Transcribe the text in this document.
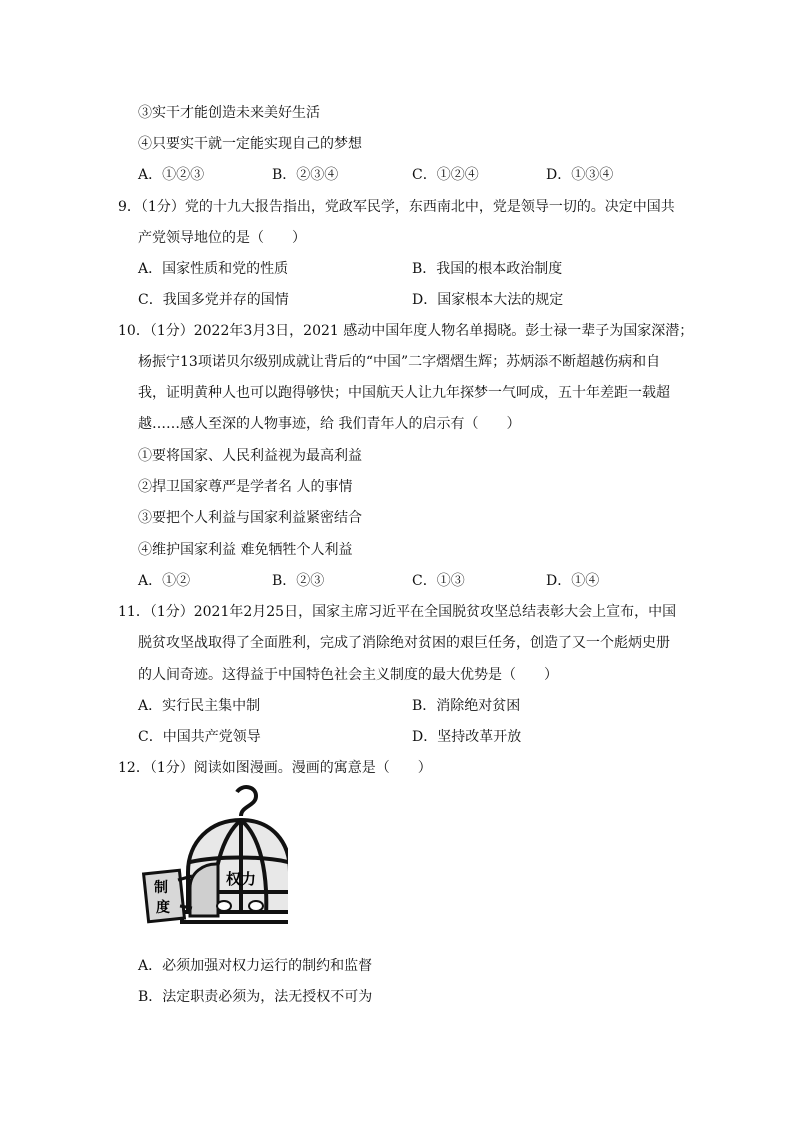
③实干才能创造未来美好生活
④只要实干就一定能实现自己的梦想
A．①②③	B．②③④	C．①②④	D．①③④
9．（1分）党的十九大报告指出，党政军民学，东西南北中，党是领导一切的。决定中国共
产党领导地位的是（　　）
A．国家性质和党的性质	B．我国的根本政治制度
C．我国多党并存的国情	D．国家根本大法的规定
10．（1分）2022年3月3日，2021 感动中国年度人物名单揭晓。彭士禄一辈子为国家深潜；
杨振宁13项诺贝尔级别成就让背后的“中国”二字熠熠生辉；苏炳添不断超越伤病和自
我，证明黄种人也可以跑得够快；中国航天人让九年探梦一气呵成，五十年差距一载超
越……感人至深的人物事迹，给 我们青年人的启示有（　　）
①要将国家、人民利益视为最高利益
②捍卫国家尊严是学者名 人的事情
③要把个人利益与国家利益紧密结合
④维护国家利益 难免牺牲个人利益
A．①②	B．②③	C．①③	D．①④
11．（1分）2021年2月25日，国家主席习近平在全国脱贫攻坚总结表彰大会上宣布，中国
脱贫攻坚战取得了全面胜利，完成了消除绝对贫困的艰巨任务，创造了又一个彪炳史册
的人间奇迹。这得益于中国特色社会主义制度的最大优势是（　　）
A．实行民主集中制	B．消除绝对贫困
C．中国共产党领导	D．坚持改革开放
12．（1分）阅读如图漫画。漫画的寓意是（　　）
制
度
权力
A．必须加强对权力运行的制约和监督
B．法定职责必须为，法无授权不可为
